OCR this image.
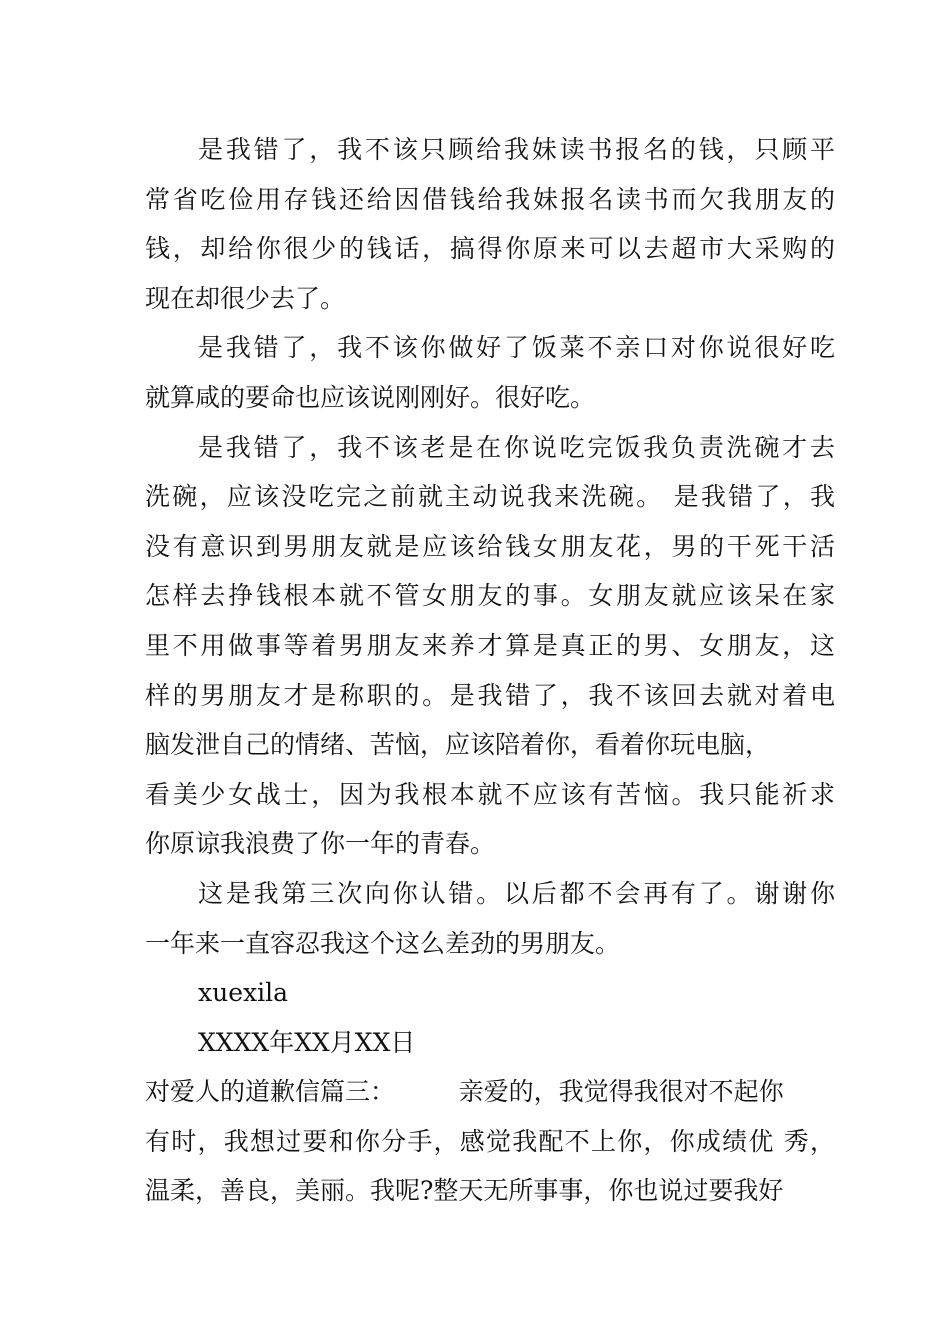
是我错了，我不该只顾给我妹读书报名的钱，只顾平
常省吃俭用存钱还给因借钱给我妹报名读书而欠我朋友的
钱，却给你很少的钱话，搞得你原来可以去超市大采购的
现在却很少去了。
是我错了，我不该你做好了饭菜不亲口对你说很好吃
就算咸的要命也应该说刚刚好。很好吃。
是我错了，我不该老是在你说吃完饭我负责洗碗才去
洗碗，应该没吃完之前就主动说我来洗碗。 是我错了，我
没有意识到男朋友就是应该给钱女朋友花，男的干死干活
怎样去挣钱根本就不管女朋友的事。女朋友就应该呆在家
里不用做事等着男朋友来养才算是真正的男、女朋友，这
样的男朋友才是称职的。是我错了，我不该回去就对着电
脑发泄自己的情绪、苦恼，应该陪着你，看着你玩电脑，
看美少女战士，因为我根本就不应该有苦恼。我只能祈求
你原谅我浪费了你一年的青春。
这是我第三次向你认错。以后都不会再有了。谢谢你
一年来一直容忍我这个这么差劲的男朋友。
xuexila
XXXX年XX月XX日
对爱人的道歉信篇三：        亲爱的，我觉得我很对不起你
有时，我想过要和你分手，感觉我配不上你，你成绩优 秀，
温柔，善良，美丽。我呢?整天无所事事，你也说过要我好
